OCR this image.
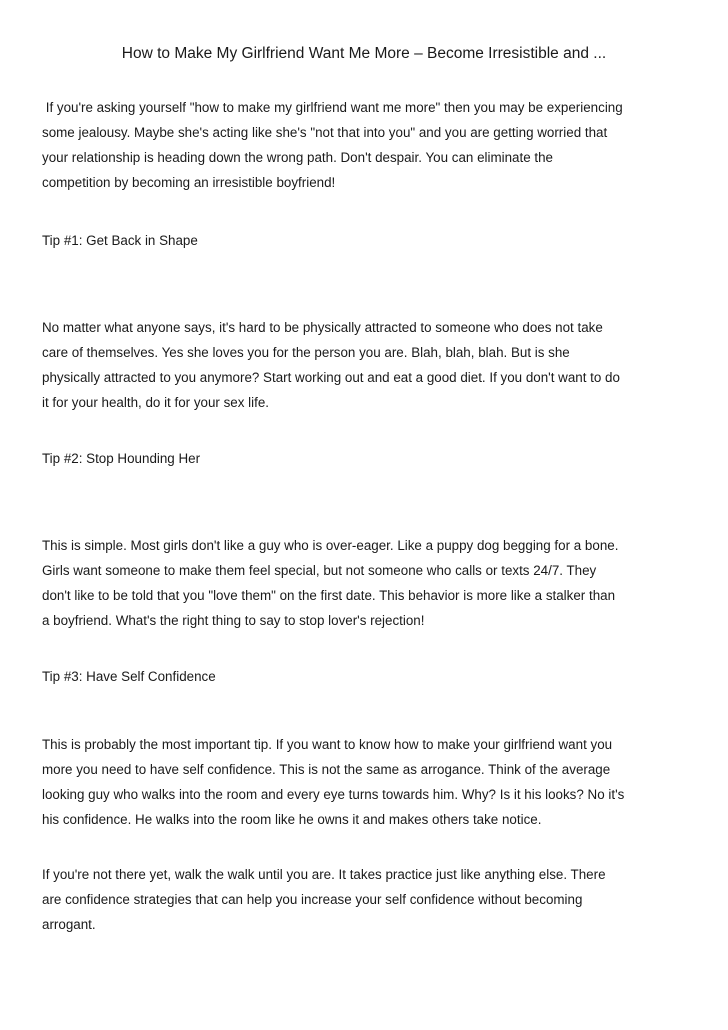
How to Make My Girlfriend Want Me More – Become Irresistible and ...

If you're asking yourself "how to make my girlfriend want me more" then you may be experiencing
some jealousy. Maybe she's acting like she's "not that into you" and you are getting worried that
your relationship is heading down the wrong path. Don't despair. You can eliminate the
competition by becoming an irresistible boyfriend!

Tip #1: Get Back in Shape

No matter what anyone says, it's hard to be physically attracted to someone who does not take
care of themselves. Yes she loves you for the person you are. Blah, blah, blah. But is she
physically attracted to you anymore? Start working out and eat a good diet. If you don't want to do
it for your health, do it for your sex life.

Tip #2: Stop Hounding Her

This is simple. Most girls don't like a guy who is over-eager. Like a puppy dog begging for a bone.
Girls want someone to make them feel special, but not someone who calls or texts 24/7. They
don't like to be told that you "love them" on the first date. This behavior is more like a stalker than
a boyfriend. What's the right thing to say to stop lover's rejection!

Tip #3: Have Self Confidence

This is probably the most important tip. If you want to know how to make your girlfriend want you
more you need to have self confidence. This is not the same as arrogance. Think of the average
looking guy who walks into the room and every eye turns towards him. Why? Is it his looks? No it's
his confidence. He walks into the room like he owns it and makes others take notice.

If you're not there yet, walk the walk until you are. It takes practice just like anything else. There
are confidence strategies that can help you increase your self confidence without becoming
arrogant.
